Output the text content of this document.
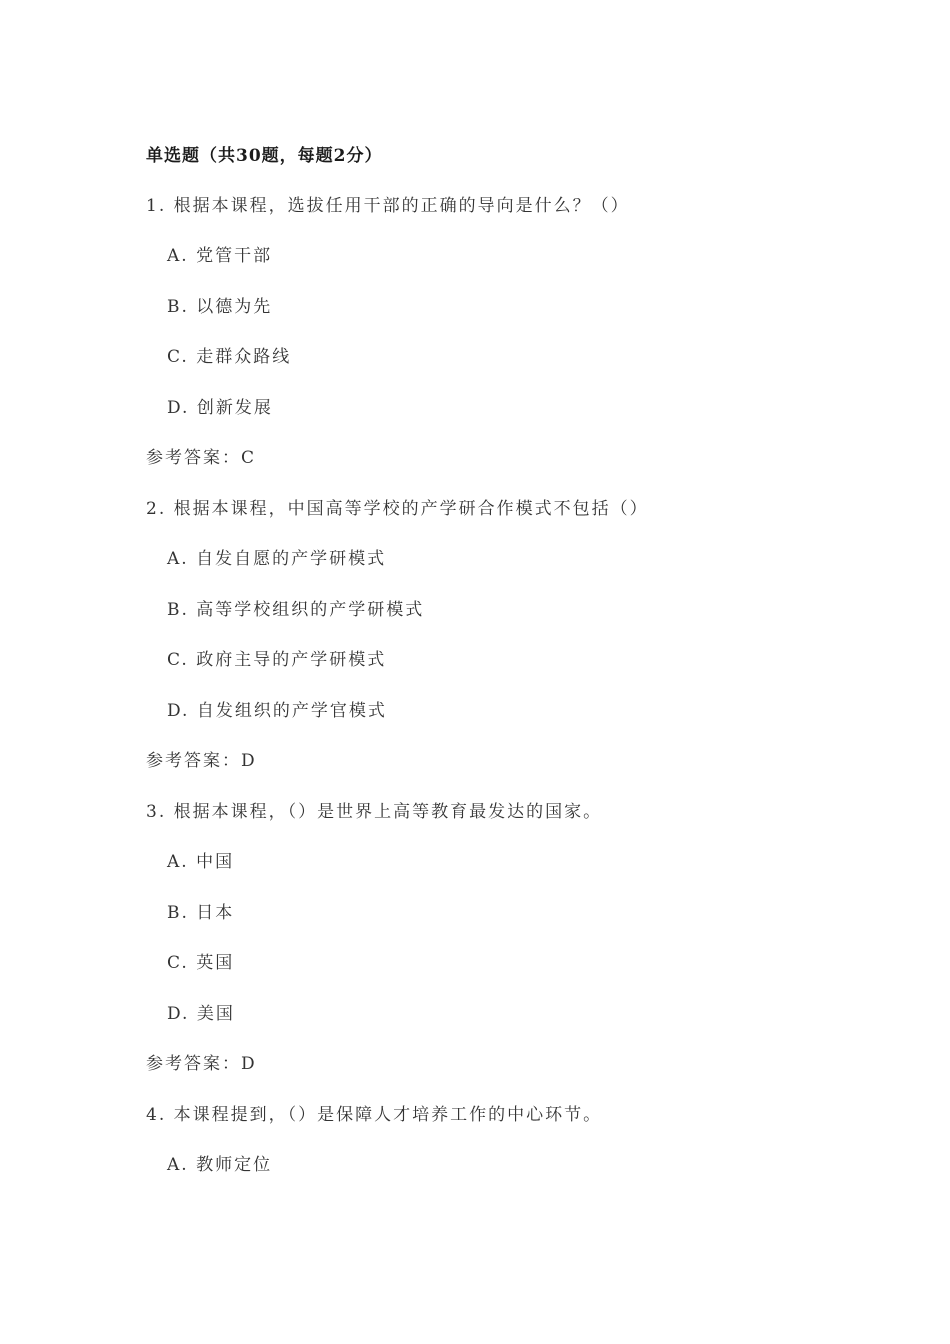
单选题（共30题，每题2分）
1. 根据本课程，选拔任用干部的正确的导向是什么？（）
A. 党管干部
B. 以德为先
C. 走群众路线
D. 创新发展
参考答案：C
2. 根据本课程，中国高等学校的产学研合作模式不包括（）
A. 自发自愿的产学研模式
B. 高等学校组织的产学研模式
C. 政府主导的产学研模式
D. 自发组织的产学官模式
参考答案：D
3. 根据本课程，（）是世界上高等教育最发达的国家。
A. 中国
B. 日本
C. 英国
D. 美国
参考答案：D
4. 本课程提到，（）是保障人才培养工作的中心环节。
A. 教师定位
